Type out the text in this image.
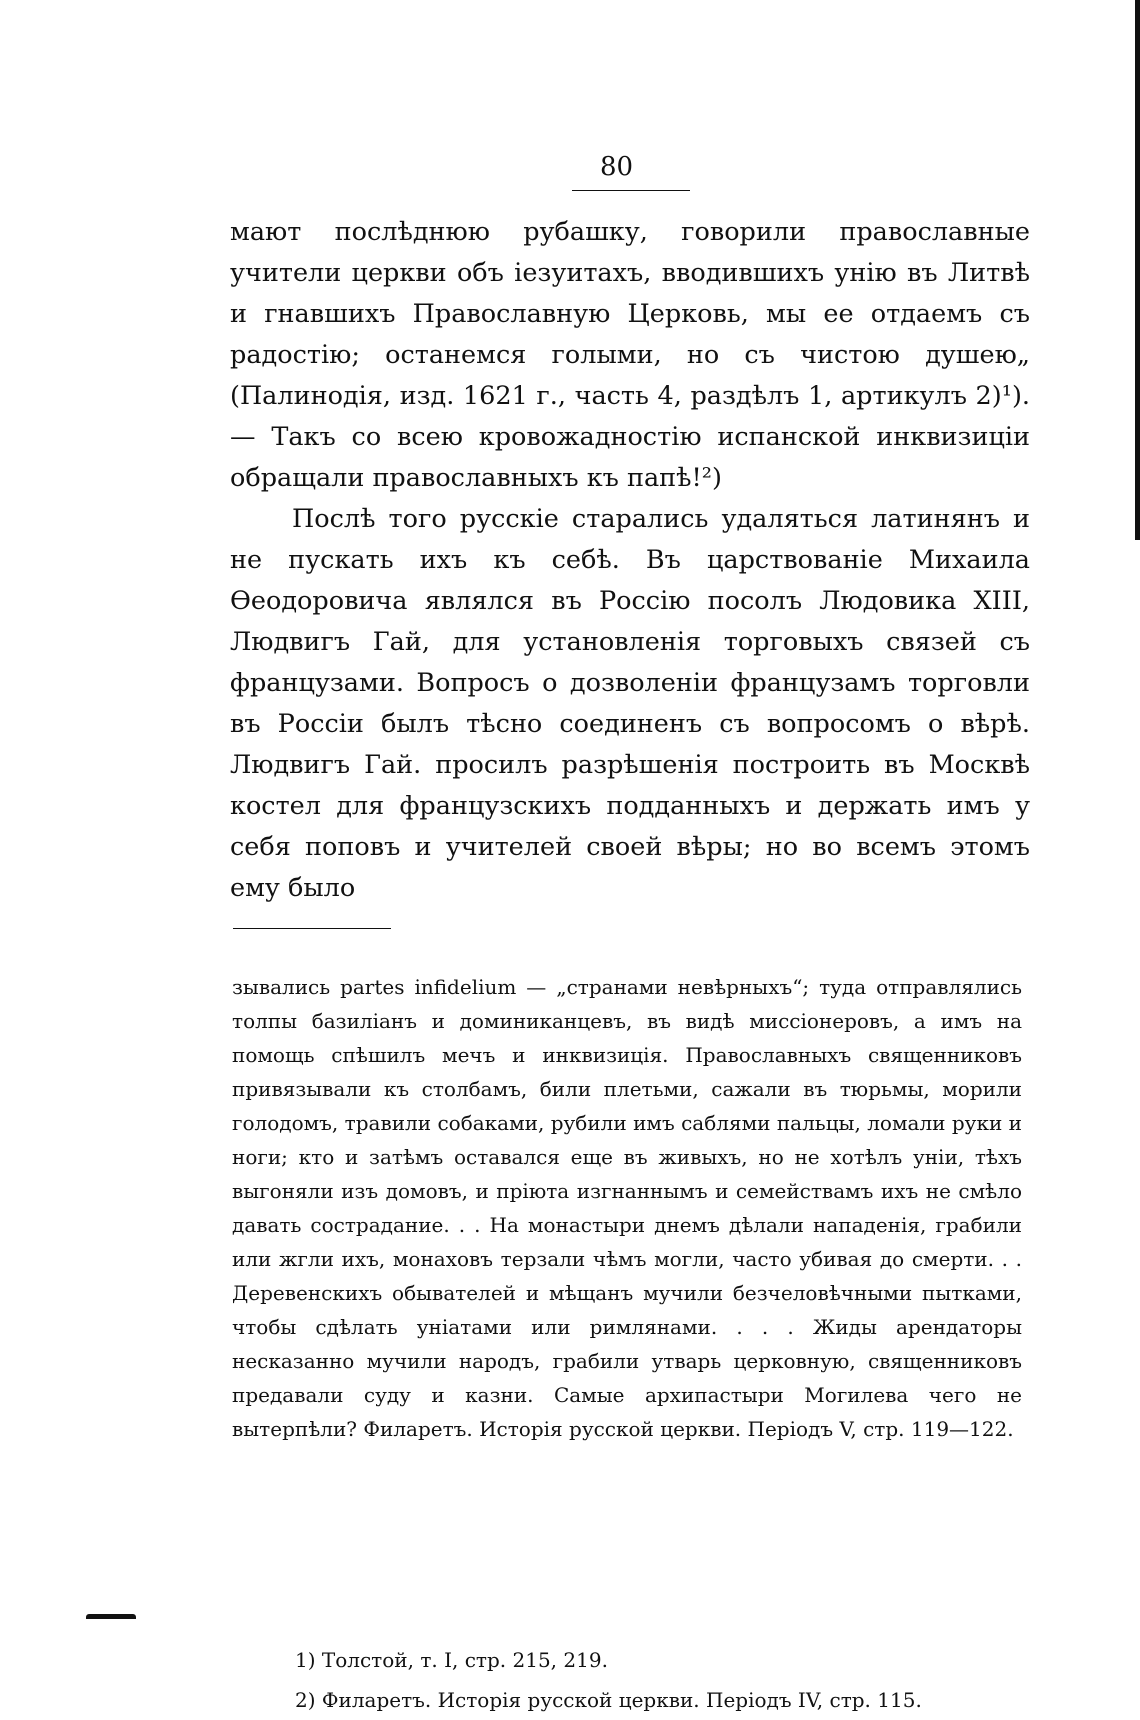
80

мают послѣднюю рубашку, говорили православные учители церкви объ іезуитахъ, вводившихъ унію въ Литвѣ и гнавшихъ Православную Церковь, мы ее отдаемъ съ радостію; останемся голыми, но съ чистою душею„ (Палинодія, изд. 1621 г., часть 4, раздѣлъ 1, артикулъ 2)¹). — Такъ со всею кровожадностію испанской инквизиціи обращали православныхъ къ папѣ!²)

Послѣ того русскіе старались удаляться латинянъ и не пускать ихъ къ себѣ. Въ царствованіе Михаила Ѳеодоровича являлся въ Россію посолъ Людовика XIII, Людвигъ Гай, для установленія торговыхъ связей съ французами. Вопросъ о дозволеніи французамъ торговли въ Россіи былъ тѣсно соединенъ съ вопросомъ о вѣрѣ. Людвигъ Гай. просилъ разрѣшенія построить въ Москвѣ костел для французскихъ подданныхъ и держать имъ у себя поповъ и учителей своей вѣры; но во всемъ этомъ ему было

зывались partes infidelium — „странами невѣрныхъ“; туда отправлялись толпы базиліанъ и доминиканцевъ, въ видѣ миссіонеровъ, а имъ на помощь спѣшилъ мечъ и инквизиція. Православныхъ священниковъ привязывали къ столбамъ, били плетьми, сажали въ тюрьмы, морили голодомъ, травили собаками, рубили имъ саблями пальцы, ломали руки и ноги; кто и затѣмъ оставался еще въ живыхъ, но не хотѣлъ уніи, тѣхъ выгоняли изъ домовъ, и пріюта изгнаннымъ и семействамъ ихъ не смѣло давать сострадание. . . На монастыри днемъ дѣлали нападенія, грабили или жгли ихъ, монаховъ терзали чѣмъ могли, часто убивая до смерти. . . Деревенскихъ обывателей и мѣщанъ мучили безчеловѣчными пытками, чтобы сдѣлать уніатами или римлянами. . . . Жиды арендаторы несказанно мучили народъ, грабили утварь церковную, священниковъ предавали суду и казни. Самые архипастыри Могилева чего не вытерпѣли? Филаретъ. Исторія русской церкви. Періодъ V, стр. 119—122.

1) Толстой, т. I, стр. 215, 219.
2) Филаретъ. Исторія русской церкви. Періодъ IV, стр. 115.
